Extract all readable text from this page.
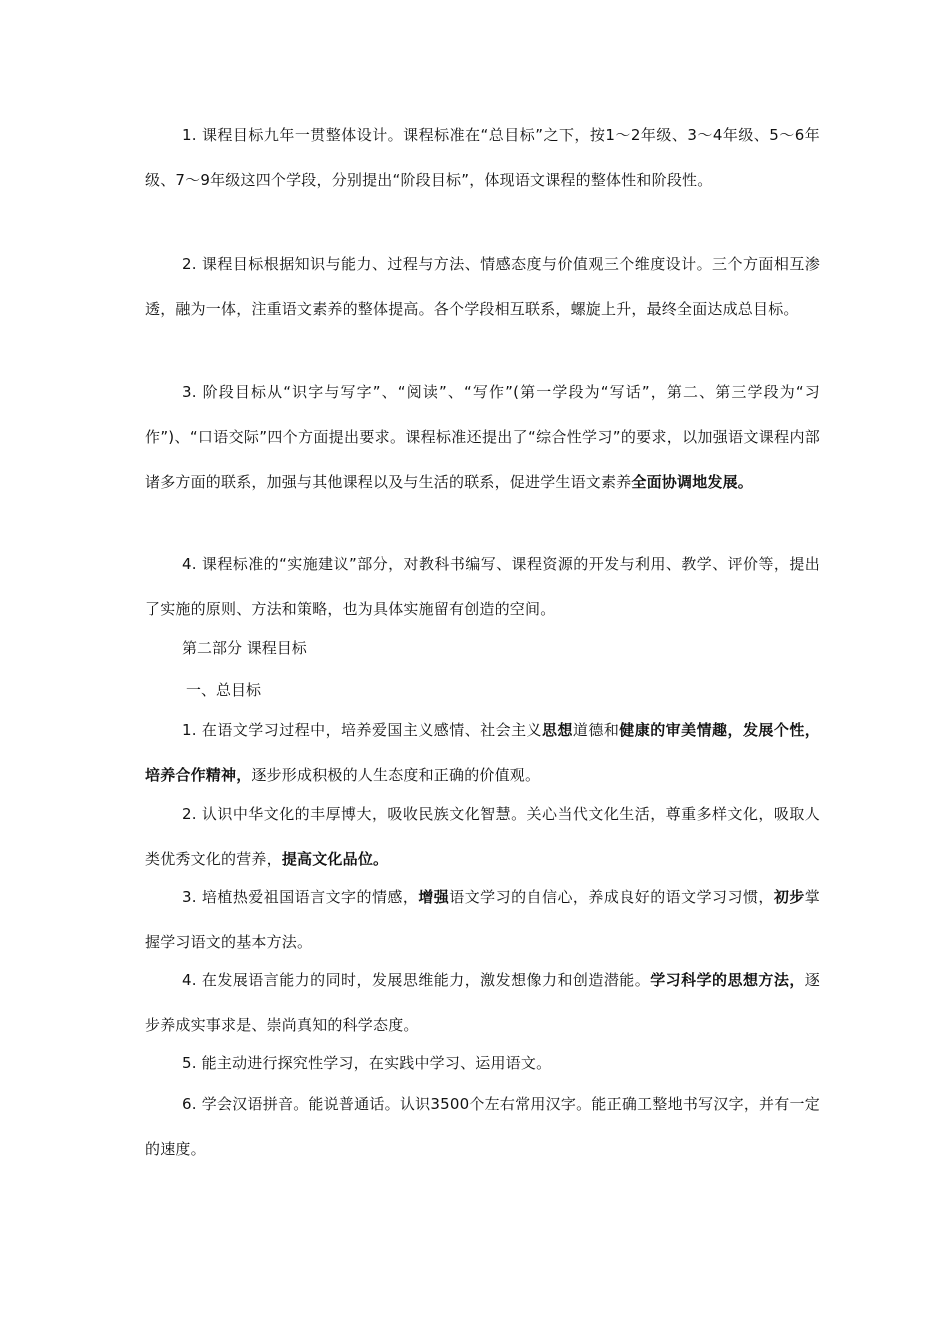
1. 课程目标九年一贯整体设计。课程标准在“总目标”之下，按1～2年级、3～4年级、5～6年级、7～9年级这四个学段，分别提出“阶段目标”，体现语文课程的整体性和阶段性。

2. 课程目标根据知识与能力、过程与方法、情感态度与价值观三个维度设计。三个方面相互渗透，融为一体，注重语文素养的整体提高。各个学段相互联系，螺旋上升，最终全面达成总目标。

3. 阶段目标从“识字与写字”、“阅读”、“写作”(第一学段为“写话”，第二、第三学段为“习作”)、“口语交际”四个方面提出要求。课程标准还提出了“综合性学习”的要求，以加强语文课程内部诸多方面的联系，加强与其他课程以及与生活的联系，促进学生语文素养全面协调地发展。

4. 课程标准的“实施建议”部分，对教科书编写、课程资源的开发与利用、教学、评价等，提出了实施的原则、方法和策略，也为具体实施留有创造的空间。

第二部分 课程目标
一、总目标

1. 在语文学习过程中，培养爱国主义感情、社会主义思想道德和健康的审美情趣，发展个性，培养合作精神，逐步形成积极的人生态度和正确的价值观。

2. 认识中华文化的丰厚博大，吸收民族文化智慧。关心当代文化生活，尊重多样文化，吸取人类优秀文化的营养，提高文化品位。

3. 培植热爱祖国语言文字的情感，增强语文学习的自信心，养成良好的语文学习习惯，初步掌握学习语文的基本方法。

4. 在发展语言能力的同时，发展思维能力，激发想像力和创造潜能。学习科学的思想方法，逐步养成实事求是、崇尚真知的科学态度。

5. 能主动进行探究性学习，在实践中学习、运用语文。

6. 学会汉语拼音。能说普通话。认识3500个左右常用汉字。能正确工整地书写汉字，并有一定的速度。
